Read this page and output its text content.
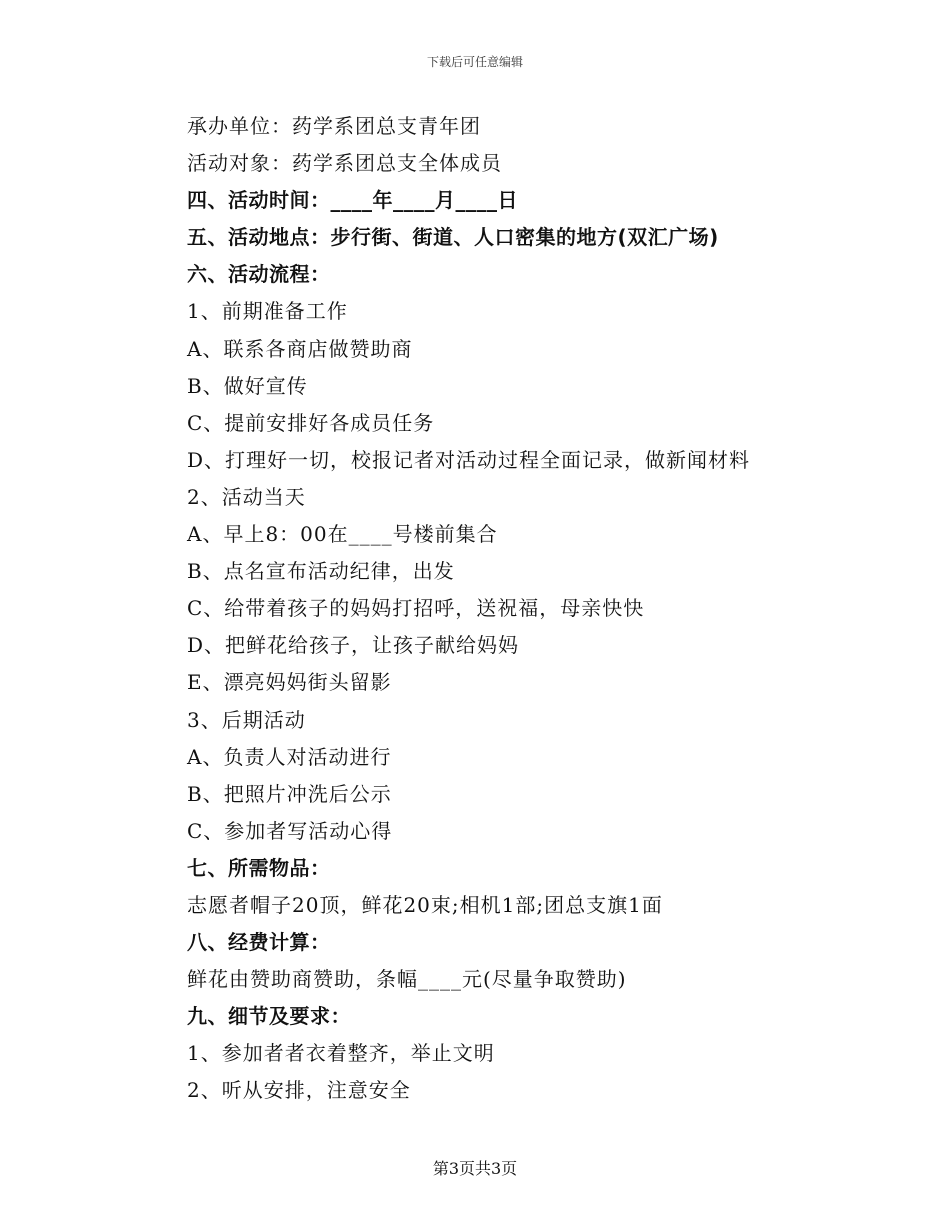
下载后可任意编辑
承办单位：药学系团总支青年团
活动对象：药学系团总支全体成员
四、活动时间：____年____月____日
五、活动地点：步行街、街道、人口密集的地方(双汇广场)
六、活动流程：
1、前期准备工作
A、联系各商店做赞助商
B、做好宣传
C、提前安排好各成员任务
D、打理好一切，校报记者对活动过程全面记录，做新闻材料
2、活动当天
A、早上8：00在____号楼前集合
B、点名宣布活动纪律，出发
C、给带着孩子的妈妈打招呼，送祝福，母亲快快
D、把鲜花给孩子，让孩子献给妈妈
E、漂亮妈妈街头留影
3、后期活动
A、负责人对活动进行
B、把照片冲洗后公示
C、参加者写活动心得
七、所需物品：
志愿者帽子20顶，鲜花20束;相机1部;团总支旗1面
八、经费计算：
鲜花由赞助商赞助，条幅____元(尽量争取赞助)
九、细节及要求：
1、参加者者衣着整齐，举止文明
2、听从安排，注意安全
第3页共3页
